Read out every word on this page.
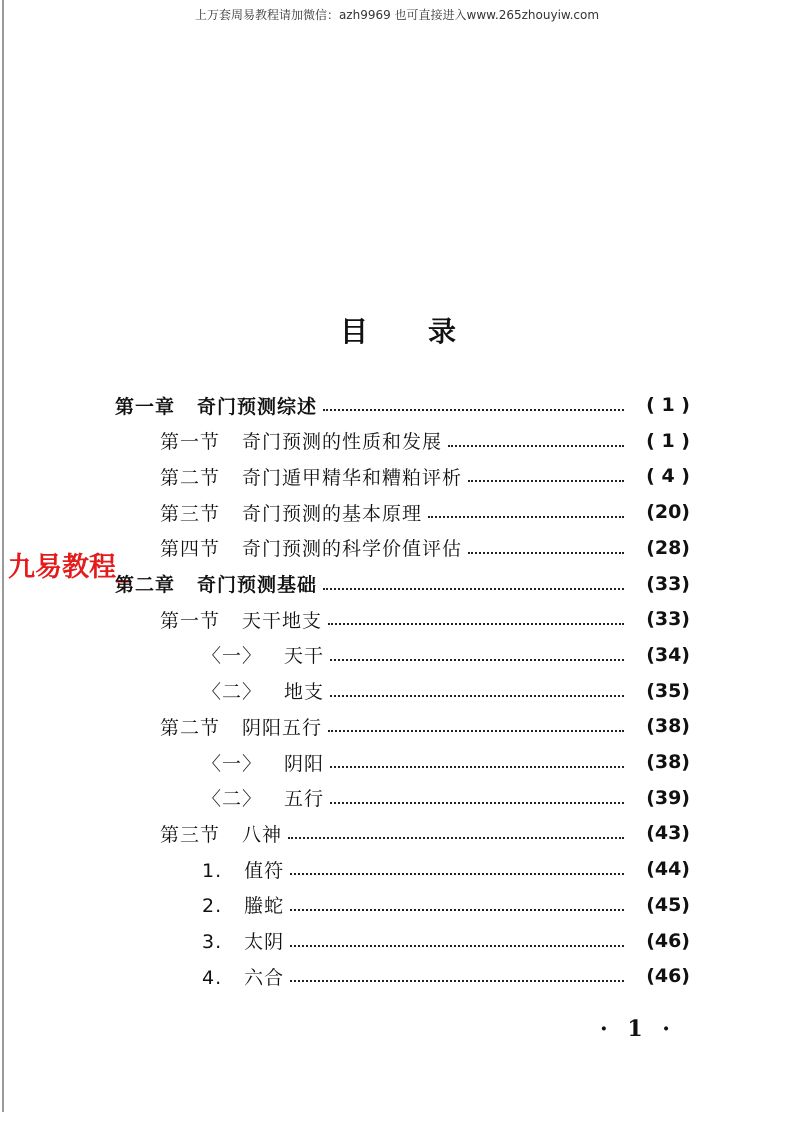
上万套周易教程请加微信：azh9969 也可直接进入www.265zhouyiw.com
目录
九易教程_
第一章 奇门预测综述	( 1 )
第一节 奇门预测的性质和发展	( 1 )
第二节 奇门遁甲精华和糟粕评析	( 4 )
第三节 奇门预测的基本原理	(20)
第四节 奇门预测的科学价值评估	(28)
第二章 奇门预测基础	(33)
第一节 天干地支	(33)
〈一〉 天干	(34)
〈二〉 地支	(35)
第二节 阴阳五行	(38)
〈一〉 阴阳	(38)
〈二〉 五行	(39)
第三节 八神	(43)
1. 值符	(44)
2. 螣蛇	(45)
3. 太阴	(46)
4. 六合	(46)
· 1 ·
